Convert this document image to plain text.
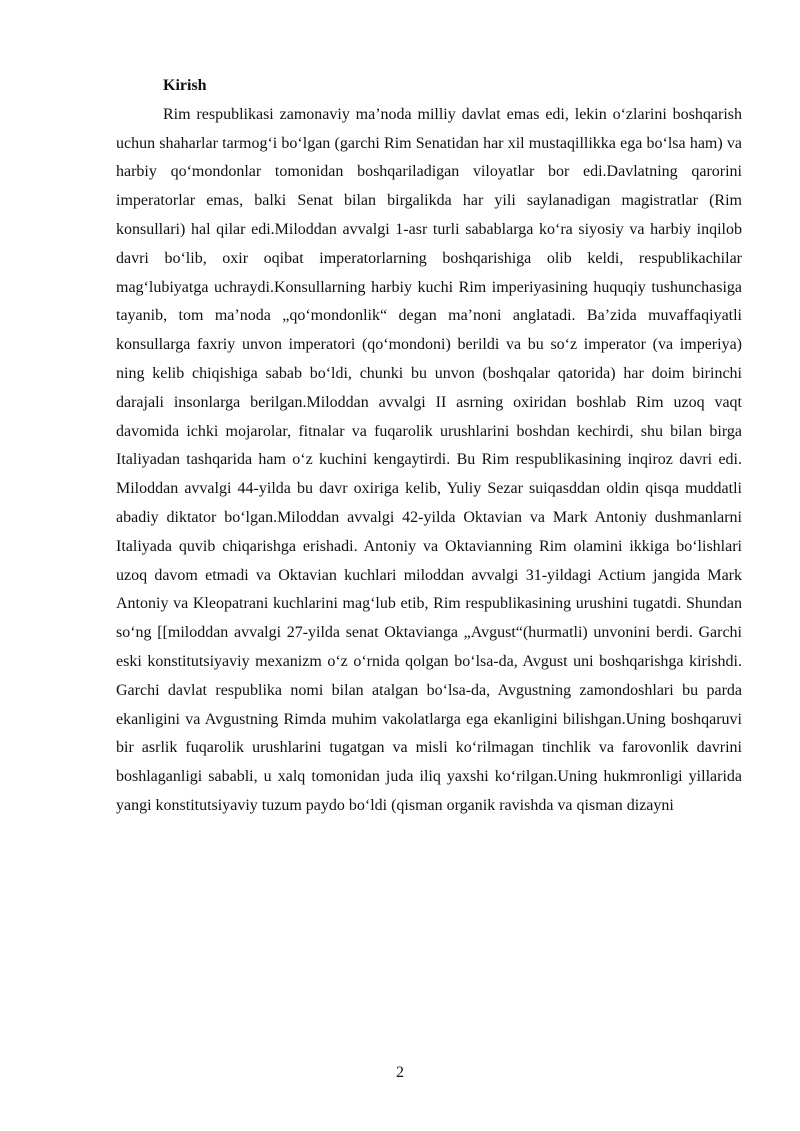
Kirish

Rim respublikasi zamonaviy ma’noda milliy davlat emas edi, lekin o‘zlarini boshqarish uchun shaharlar tarmog‘i bo‘lgan (garchi Rim Senatidan har xil mustaqillikka ega bo‘lsa ham) va harbiy qo‘mondonlar tomonidan boshqariladigan viloyatlar bor edi.Davlatning qarorini imperatorlar emas, balki Senat bilan birgalikda har yili saylanadigan magistratlar (Rim konsullari) hal qilar edi.Miloddan avvalgi 1-asr turli sabablarga ko‘ra siyosiy va harbiy inqilob davri bo‘lib, oxir oqibat imperatorlarning boshqarishiga olib keldi, respublikachilar mag‘lubiyatga uchraydi.Konsullarning harbiy kuchi Rim imperiyasining huquqiy tushunchasiga tayanib, tom ma’noda „qo‘mondonlik“ degan ma’noni anglatadi. Ba’zida muvaffaqiyatli konsullarga faxriy unvon imperatori (qo‘mondoni) berildi va bu so‘z imperator (va imperiya) ning kelib chiqishiga sabab bo‘ldi, chunki bu unvon (boshqalar qatorida) har doim birinchi darajali insonlarga berilgan.Miloddan avvalgi II asrning oxiridan boshlab Rim uzoq vaqt davomida ichki mojarolar, fitnalar va fuqarolik urushlarini boshdan kechirdi, shu bilan birga Italiyadan tashqarida ham o‘z kuchini kengaytirdi. Bu Rim respublikasining inqiroz davri edi. Miloddan avvalgi 44-yilda bu davr oxiriga kelib, Yuliy Sezar suiqasddan oldin qisqa muddatli abadiy diktator bo‘lgan.Miloddan avvalgi 42-yilda Oktavian va Mark Antoniy dushmanlarni Italiyada quvib chiqarishga erishadi. Antoniy va Oktavianning Rim olamini ikkiga bo‘lishlari uzoq davom etmadi va Oktavian kuchlari miloddan avvalgi 31-yildagi Actium jangida Mark Antoniy va Kleopatrani kuchlarini mag‘lub etib, Rim respublikasining urushini tugatdi. Shundan so‘ng [[miloddan avvalgi 27-yilda senat Oktavianga „Avgust“(hurmatli) unvonini berdi. Garchi eski konstitutsiyaviy mexanizm o‘z o‘rnida qolgan bo‘lsa-da, Avgust uni boshqarishga kirishdi. Garchi davlat respublika nomi bilan atalgan bo‘lsa-da, Avgustning zamondoshlari bu parda ekanligini va Avgustning Rimda muhim vakolatlarga ega ekanligini bilishgan.Uning boshqaruvi bir asrlik fuqarolik urushlarini tugatgan va misli ko‘rilmagan tinchlik va farovonlik davrini boshlaganligi sababli, u xalq tomonidan juda iliq yaxshi ko‘rilgan.Uning hukmronligi yillarida yangi konstitutsiyaviy tuzum paydo bo‘ldi (qisman organik ravishda va qisman dizayni

2
